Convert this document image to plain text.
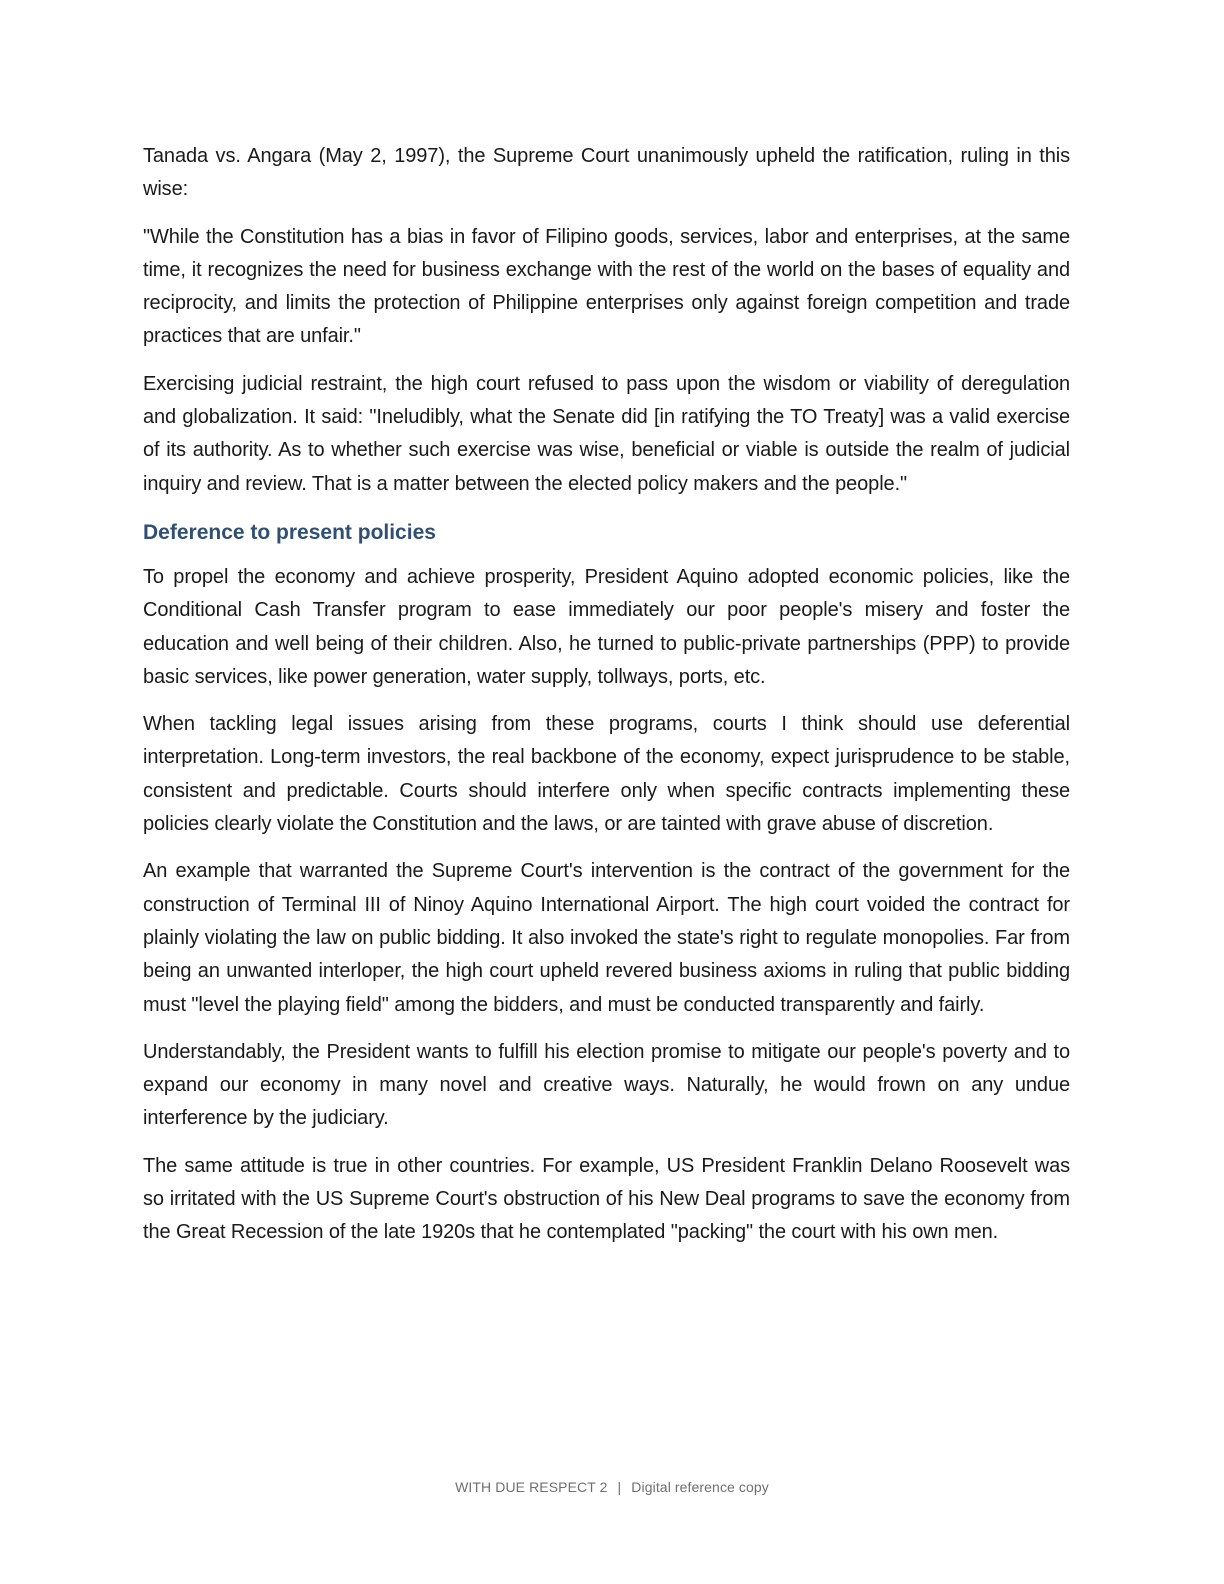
Tanada vs. Angara (May 2, 1997), the Supreme Court unanimously upheld the ratification, ruling in this wise:

"While the Constitution has a bias in favor of Filipino goods, services, labor and enterprises, at the same time, it recognizes the need for business exchange with the rest of the world on the bases of equality and reciprocity, and limits the protection of Philippine enterprises only against foreign competition and trade practices that are unfair."

Exercising judicial restraint, the high court refused to pass upon the wisdom or viability of deregulation and globalization. It said: "Ineludibly, what the Senate did [in ratifying the TO Treaty] was a valid exercise of its authority. As to whether such exercise was wise, beneficial or viable is outside the realm of judicial inquiry and review. That is a matter between the elected policy makers and the people."

Deference to present policies

To propel the economy and achieve prosperity, President Aquino adopted economic policies, like the Conditional Cash Transfer program to ease immediately our poor people's misery and foster the education and well being of their children. Also, he turned to public-private partnerships (PPP) to provide basic services, like power generation, water supply, tollways, ports, etc.

When tackling legal issues arising from these programs, courts I think should use deferential interpretation. Long-term investors, the real backbone of the economy, expect jurisprudence to be stable, consistent and predictable. Courts should interfere only when specific contracts implementing these policies clearly violate the Constitution and the laws, or are tainted with grave abuse of discretion.

An example that warranted the Supreme Court's intervention is the contract of the government for the construction of Terminal III of Ninoy Aquino International Airport. The high court voided the contract for plainly violating the law on public bidding. It also invoked the state's right to regulate monopolies. Far from being an unwanted interloper, the high court upheld revered business axioms in ruling that public bidding must "level the playing field" among the bidders, and must be conducted transparently and fairly.

Understandably, the President wants to fulfill his election promise to mitigate our people's poverty and to expand our economy in many novel and creative ways. Naturally, he would frown on any undue interference by the judiciary.

The same attitude is true in other countries. For example, US President Franklin Delano Roosevelt was so irritated with the US Supreme Court's obstruction of his New Deal programs to save the economy from the Great Recession of the late 1920s that he contemplated "packing" the court with his own men.

WITH DUE RESPECT 2 | Digital reference copy
